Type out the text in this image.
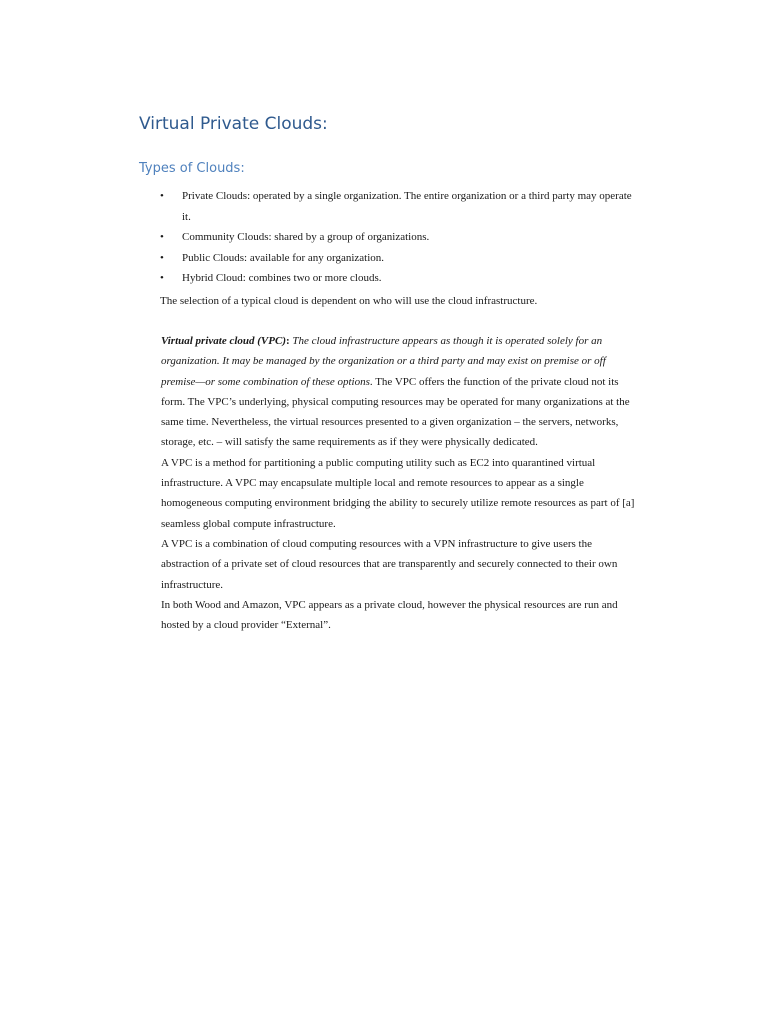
Virtual Private Clouds:
Types of Clouds:
• Private Clouds: operated by a single organization. The entire organization or a third party may operate it.
• Community Clouds: shared by a group of organizations.
• Public Clouds: available for any organization.
• Hybrid Cloud: combines two or more clouds.

The selection of a typical cloud is dependent on who will use the cloud infrastructure.

Virtual private cloud (VPC): The cloud infrastructure appears as though it is operated solely for an organization. It may be managed by the organization or a third party and may exist on premise or off premise—or some combination of these options. The VPC offers the function of the private cloud not its form. The VPC’s underlying, physical computing resources may be operated for many organizations at the same time. Nevertheless, the virtual resources presented to a given organization – the servers, networks, storage, etc. – will satisfy the same requirements as if they were physically dedicated.

A VPC is a method for partitioning a public computing utility such as EC2 into quarantined virtual infrastructure. A VPC may encapsulate multiple local and remote resources to appear as a single homogeneous computing environment bridging the ability to securely utilize remote resources as part of [a] seamless global compute infrastructure.

A VPC is a combination of cloud computing resources with a VPN infrastructure to give users the abstraction of a private set of cloud resources that are transparently and securely connected to their own infrastructure.

In both Wood and Amazon, VPC appears as a private cloud, however the physical resources are run and hosted by a cloud provider “External”.
